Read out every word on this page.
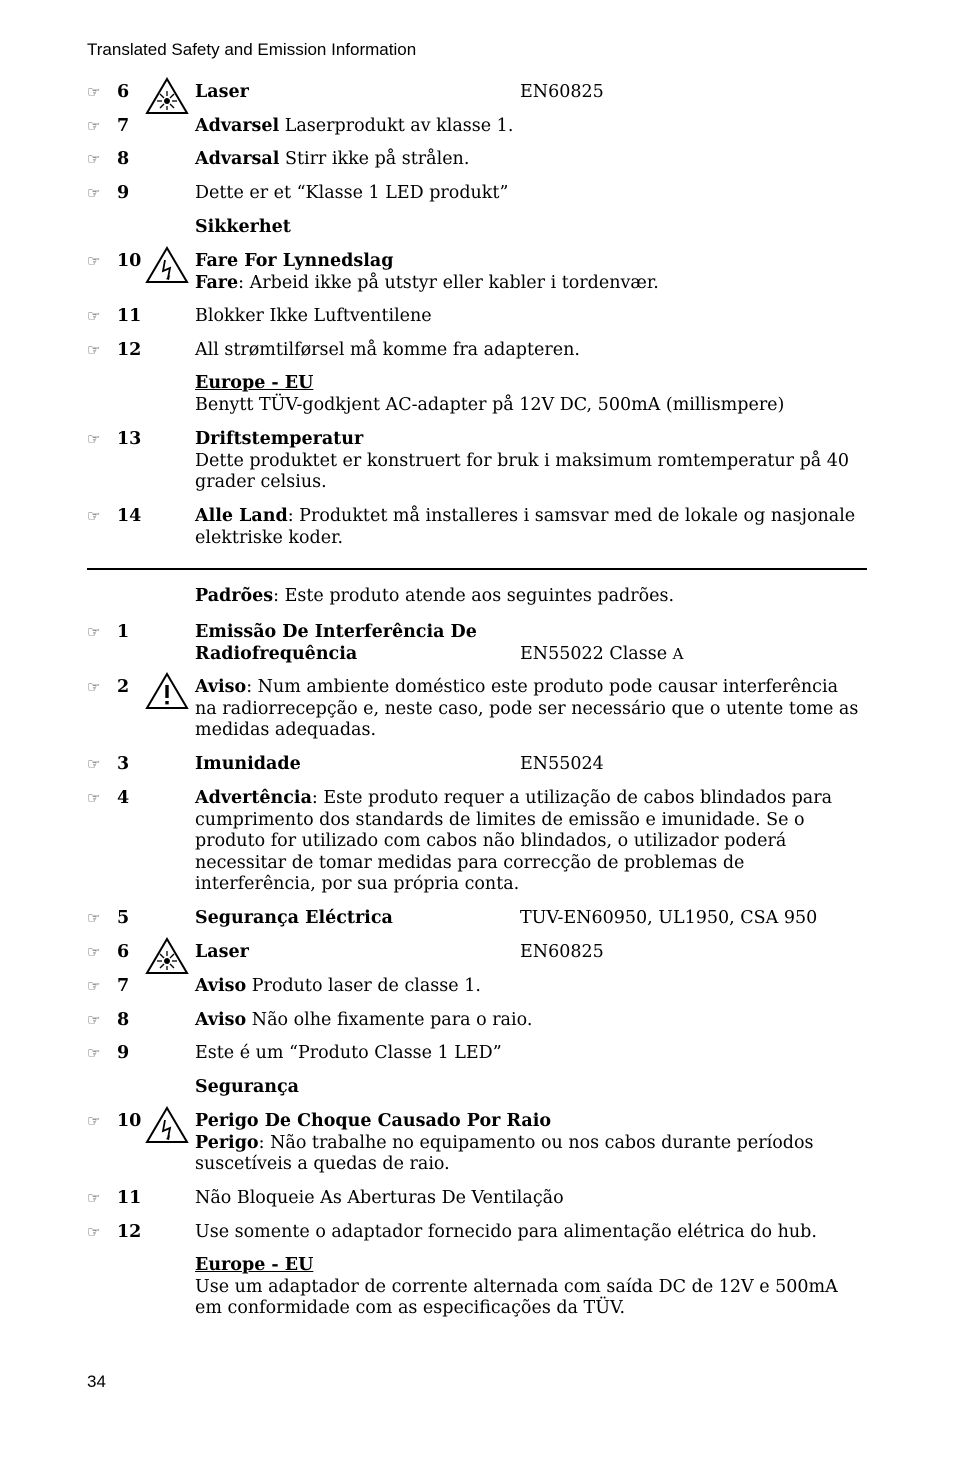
Translated Safety and Emission Information
☞ 6	Laser	EN60825
☞ 7	Advarsel Laserprodukt av klasse 1.
☞ 8	Advarsal Stirr ikke på strålen.
☞ 9	Dette er et “Klasse 1 LED produkt”
Sikkerhet
☞ 10	Fare For Lynnedslag
Fare: Arbeid ikke på utstyr eller kabler i tordenvær.
☞ 11	Blokker Ikke Luftventilene
☞ 12	All strømtilførsel må komme fra adapteren.
Europe - EU
Benytt TÜV-godkjent AC-adapter på 12V DC, 500mA (millismpere)
☞ 13	Driftstemperatur
Dette produktet er konstruert for bruk i maksimum romtemperatur på 40 grader celsius.
☞ 14	Alle Land: Produktet må installeres i samsvar med de lokale og nasjonale elektriske koder.
Padrões: Este produto atende aos seguintes padrões.
☞ 1	Emissão De Interferência De
Radiofrequência	EN55022 Classe A
☞ 2	Aviso: Num ambiente doméstico este produto pode causar interferência na radiorrecepção e, neste caso, pode ser necessário que o utente tome as medidas adequadas.
☞ 3	Imunidade	EN55024
☞ 4	Advertência: Este produto requer a utilização de cabos blindados para cumprimento dos standards de limites de emissão e imunidade. Se o produto for utilizado com cabos não blindados, o utilizador poderá necessitar de tomar medidas para correcção de problemas de interferência, por sua própria conta.
☞ 5	Segurança Eléctrica	TUV-EN60950, UL1950, CSA 950
☞ 6	Laser	EN60825
☞ 7	Aviso Produto laser de classe 1.
☞ 8	Aviso Não olhe fixamente para o raio.
☞ 9	Este é um “Produto Classe 1 LED”
Segurança
☞ 10	Perigo De Choque Causado Por Raio
Perigo: Não trabalhe no equipamento ou nos cabos durante períodos suscetíveis a quedas de raio.
☞ 11	Não Bloqueie As Aberturas De Ventilação
☞ 12	Use somente o adaptador fornecido para alimentação elétrica do hub.
Europe - EU
Use um adaptador de corrente alternada com saída DC de 12V e 500mA em conformidade com as especificações da TÜV.
34
